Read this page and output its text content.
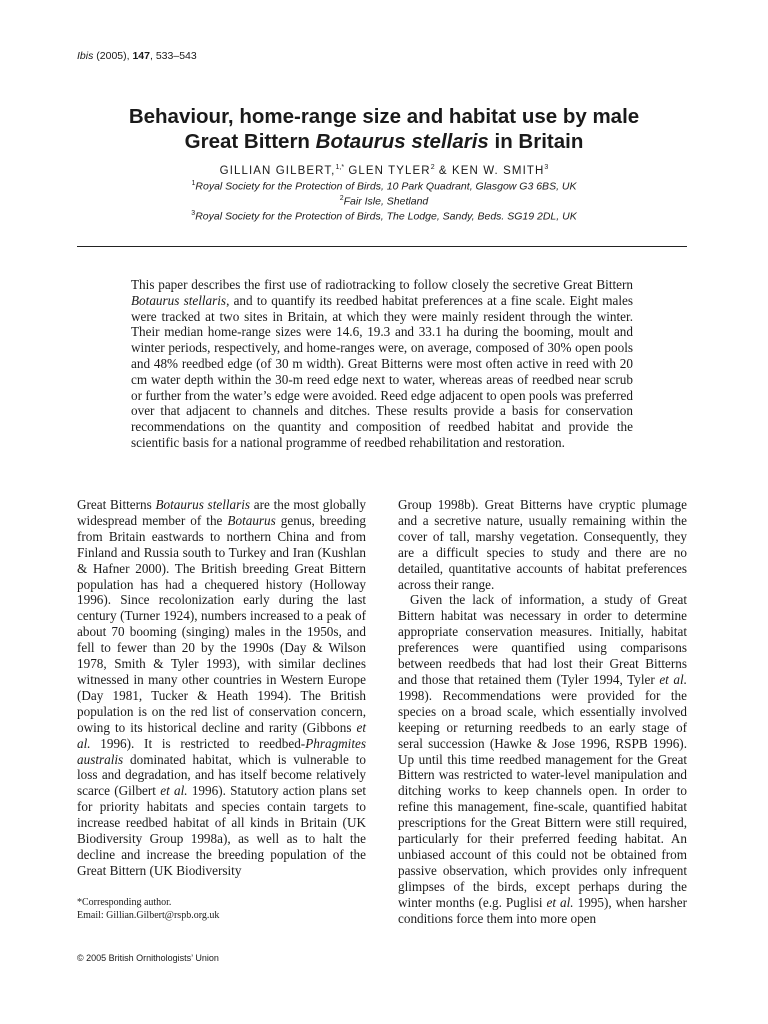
Ibis (2005), 147, 533–543
Behaviour, home-range size and habitat use by male
Great Bittern Botaurus stellaris in Britain
GILLIAN GILBERT,$^{1,*}$ GLEN TYLER$^2$ & KEN W. SMITH$^3$
$^1$Royal Society for the Protection of Birds, 10 Park Quadrant, Glasgow G3 6BS, UK
$^2$Fair Isle, Shetland
$^3$Royal Society for the Protection of Birds, The Lodge, Sandy, Beds. SG19 2DL, UK
This paper describes the first use of radiotracking to follow closely the secretive Great Bittern Botaurus stellaris, and to quantify its reedbed habitat preferences at a fine scale. Eight males were tracked at two sites in Britain, at which they were mainly resident through the winter. Their median home-range sizes were 14.6, 19.3 and 33.1 ha during the booming, moult and winter periods, respectively, and home-ranges were, on average, composed of 30% open pools and 48% reedbed edge (of 30 m width). Great Bitterns were most often active in reed with 20 cm water depth within the 30-m reed edge next to water, whereas areas of reedbed near scrub or further from the water’s edge were avoided. Reed edge adjacent to open pools was preferred over that adjacent to channels and ditches. These results provide a basis for conservation recommendations on the quantity and composition of reedbed habitat and provide the scientific basis for a national programme of reedbed rehabilitation and restoration.

Great Bitterns Botaurus stellaris are the most globally widespread member of the Botaurus genus, breeding from Britain eastwards to northern China and from Finland and Russia south to Turkey and Iran (Kushlan & Hafner 2000). The British breeding Great Bittern population has had a chequered history (Holloway 1996). Since recolonization early during the last century (Turner 1924), numbers increased to a peak of about 70 booming (singing) males in the 1950s, and fell to fewer than 20 by the 1990s (Day & Wilson 1978, Smith & Tyler 1993), with similar declines witnessed in many other countries in Western Europe (Day 1981, Tucker & Heath 1994). The British population is on the red list of conservation concern, owing to its historical decline and rarity (Gibbons et al. 1996). It is restricted to reedbed-Phragmites australis dominated habitat, which is vulnerable to loss and degradation, and has itself become relatively scarce (Gilbert et al. 1996). Statutory action plans set for priority habitats and species contain targets to increase reedbed habitat of all kinds in Britain (UK Biodiversity Group 1998a), as well as to halt the decline and increase the breeding population of the Great Bittern (UK Biodiversity

Group 1998b). Great Bitterns have cryptic plumage and a secretive nature, usually remaining within the cover of tall, marshy vegetation. Consequently, they are a difficult species to study and there are no detailed, quantitative accounts of habitat preferences across their range.

Given the lack of information, a study of Great Bittern habitat was necessary in order to determine appropriate conservation measures. Initially, habitat preferences were quantified using comparisons between reedbeds that had lost their Great Bitterns and those that retained them (Tyler 1994, Tyler et al. 1998). Recommendations were provided for the species on a broad scale, which essentially involved keeping or returning reedbeds to an early stage of seral succession (Hawke & Jose 1996, RSPB 1996). Up until this time reedbed management for the Great Bittern was restricted to water-level manipulation and ditching works to keep channels open. In order to refine this management, fine-scale, quantified habitat prescriptions for the Great Bittern were still required, particularly for their preferred feeding habitat. An unbiased account of this could not be obtained from passive observation, which provides only infrequent glimpses of the birds, except perhaps during the winter months (e.g. Puglisi et al. 1995), when harsher conditions force them into more open

*Corresponding author.
Email: Gillian.Gilbert@rspb.org.uk
© 2005 British Ornithologists’ Union
